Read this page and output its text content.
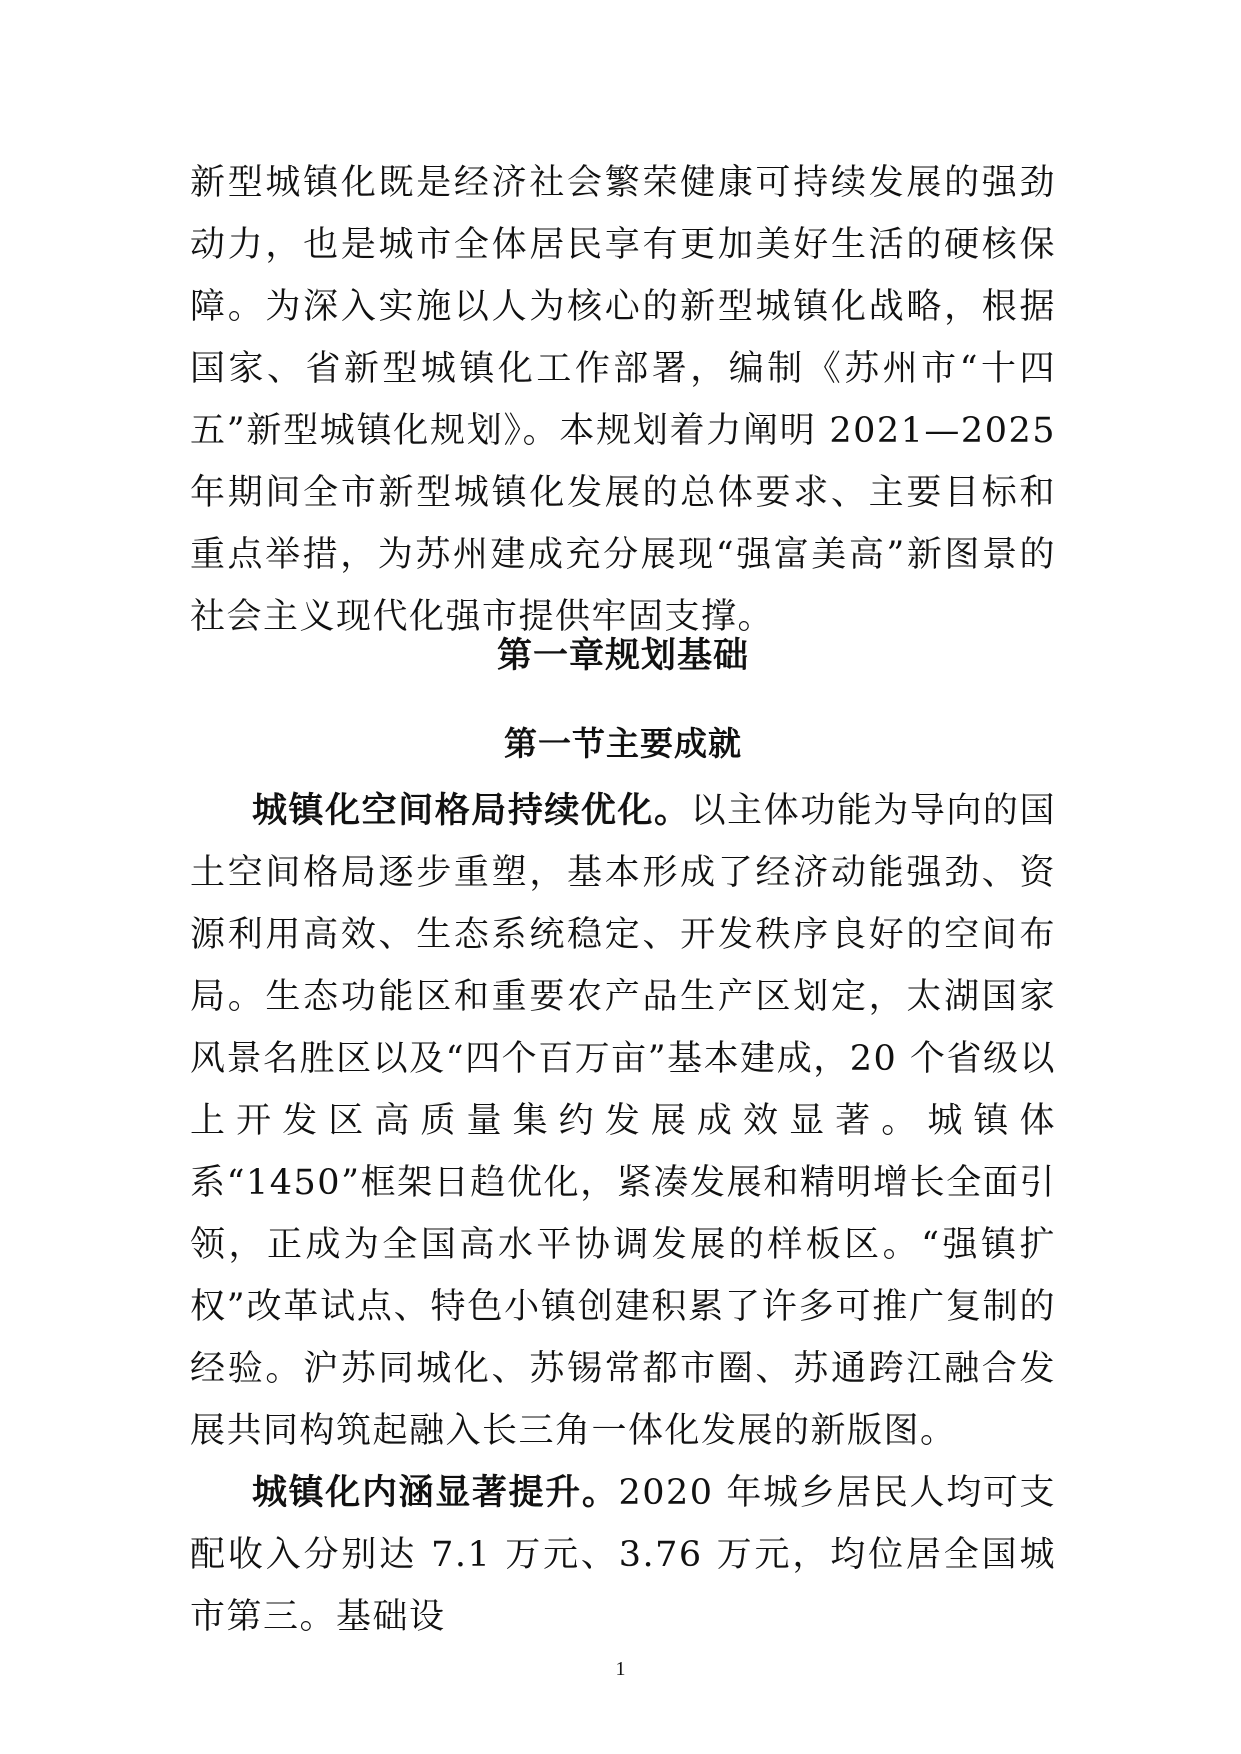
新型城镇化既是经济社会繁荣健康可持续发展的强劲动力，也是城市全体居民享有更加美好生活的硬核保障。为深入实施以人为核心的新型城镇化战略，根据国家、省新型城镇化工作部署，编制《苏州市“十四五”新型城镇化规划》。本规划着力阐明 2021—2025 年期间全市新型城镇化发展的总体要求、主要目标和重点举措，为苏州建成充分展现“强富美高”新图景的社会主义现代化强市提供牢固支撑。

第一章规划基础
第一节主要成就

城镇化空间格局持续优化。以主体功能为导向的国土空间格局逐步重塑，基本形成了经济动能强劲、资源利用高效、生态系统稳定、开发秩序良好的空间布局。生态功能区和重要农产品生产区划定，太湖国家风景名胜区以及“四个百万亩”基本建成，20 个省级以上开发区高质量集约发展成效显著。城镇体系“1450”框架日趋优化，紧凑发展和精明增长全面引领，正成为全国高水平协调发展的样板区。“强镇扩权”改革试点、特色小镇创建积累了许多可推广复制的经验。沪苏同城化、苏锡常都市圈、苏通跨江融合发展共同构筑起融入长三角一体化发展的新版图。

城镇化内涵显著提升。2020 年城乡居民人均可支配收入分别达 7.1 万元、3.76 万元，均位居全国城市第三。基础设

1
